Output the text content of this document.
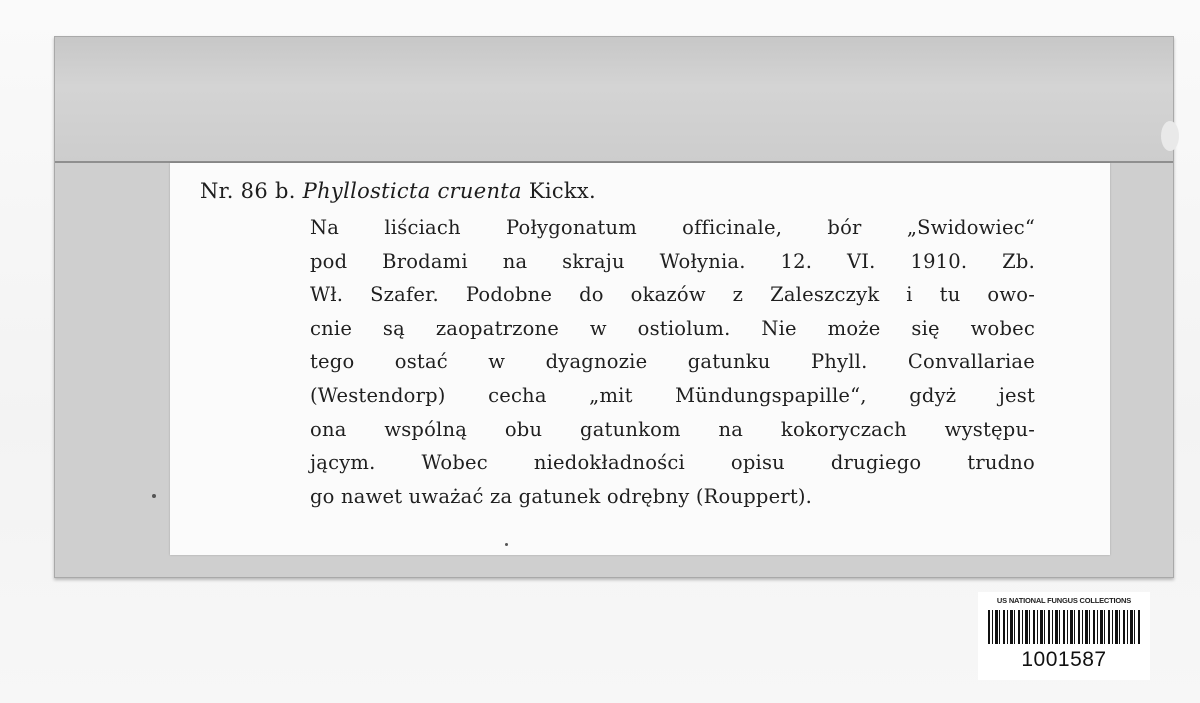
Nr. 86 b. Phyllosticta cruenta Kickx.
Na liściach Połygonatum officinale, bór „Swidowiec“
pod Brodami na skraju Wołynia. 12. VI. 1910. Zb.
Wł. Szafer. Podobne do okazów z Zaleszczyk i tu owo-
cnie są zaopatrzone w ostiolum. Nie może się wobec
tego ostać w dyagnozie gatunku Phyll. Convallariae
(Westendorp) cecha „mit Mündungspapille“, gdyż jest
ona wspólną obu gatunkom na kokoryczach występu-
jącym. Wobec niedokładności opisu drugiego trudno
go nawet uważać za gatunek odrębny (Rouppert).
US NATIONAL FUNGUS COLLECTIONS
1001587
